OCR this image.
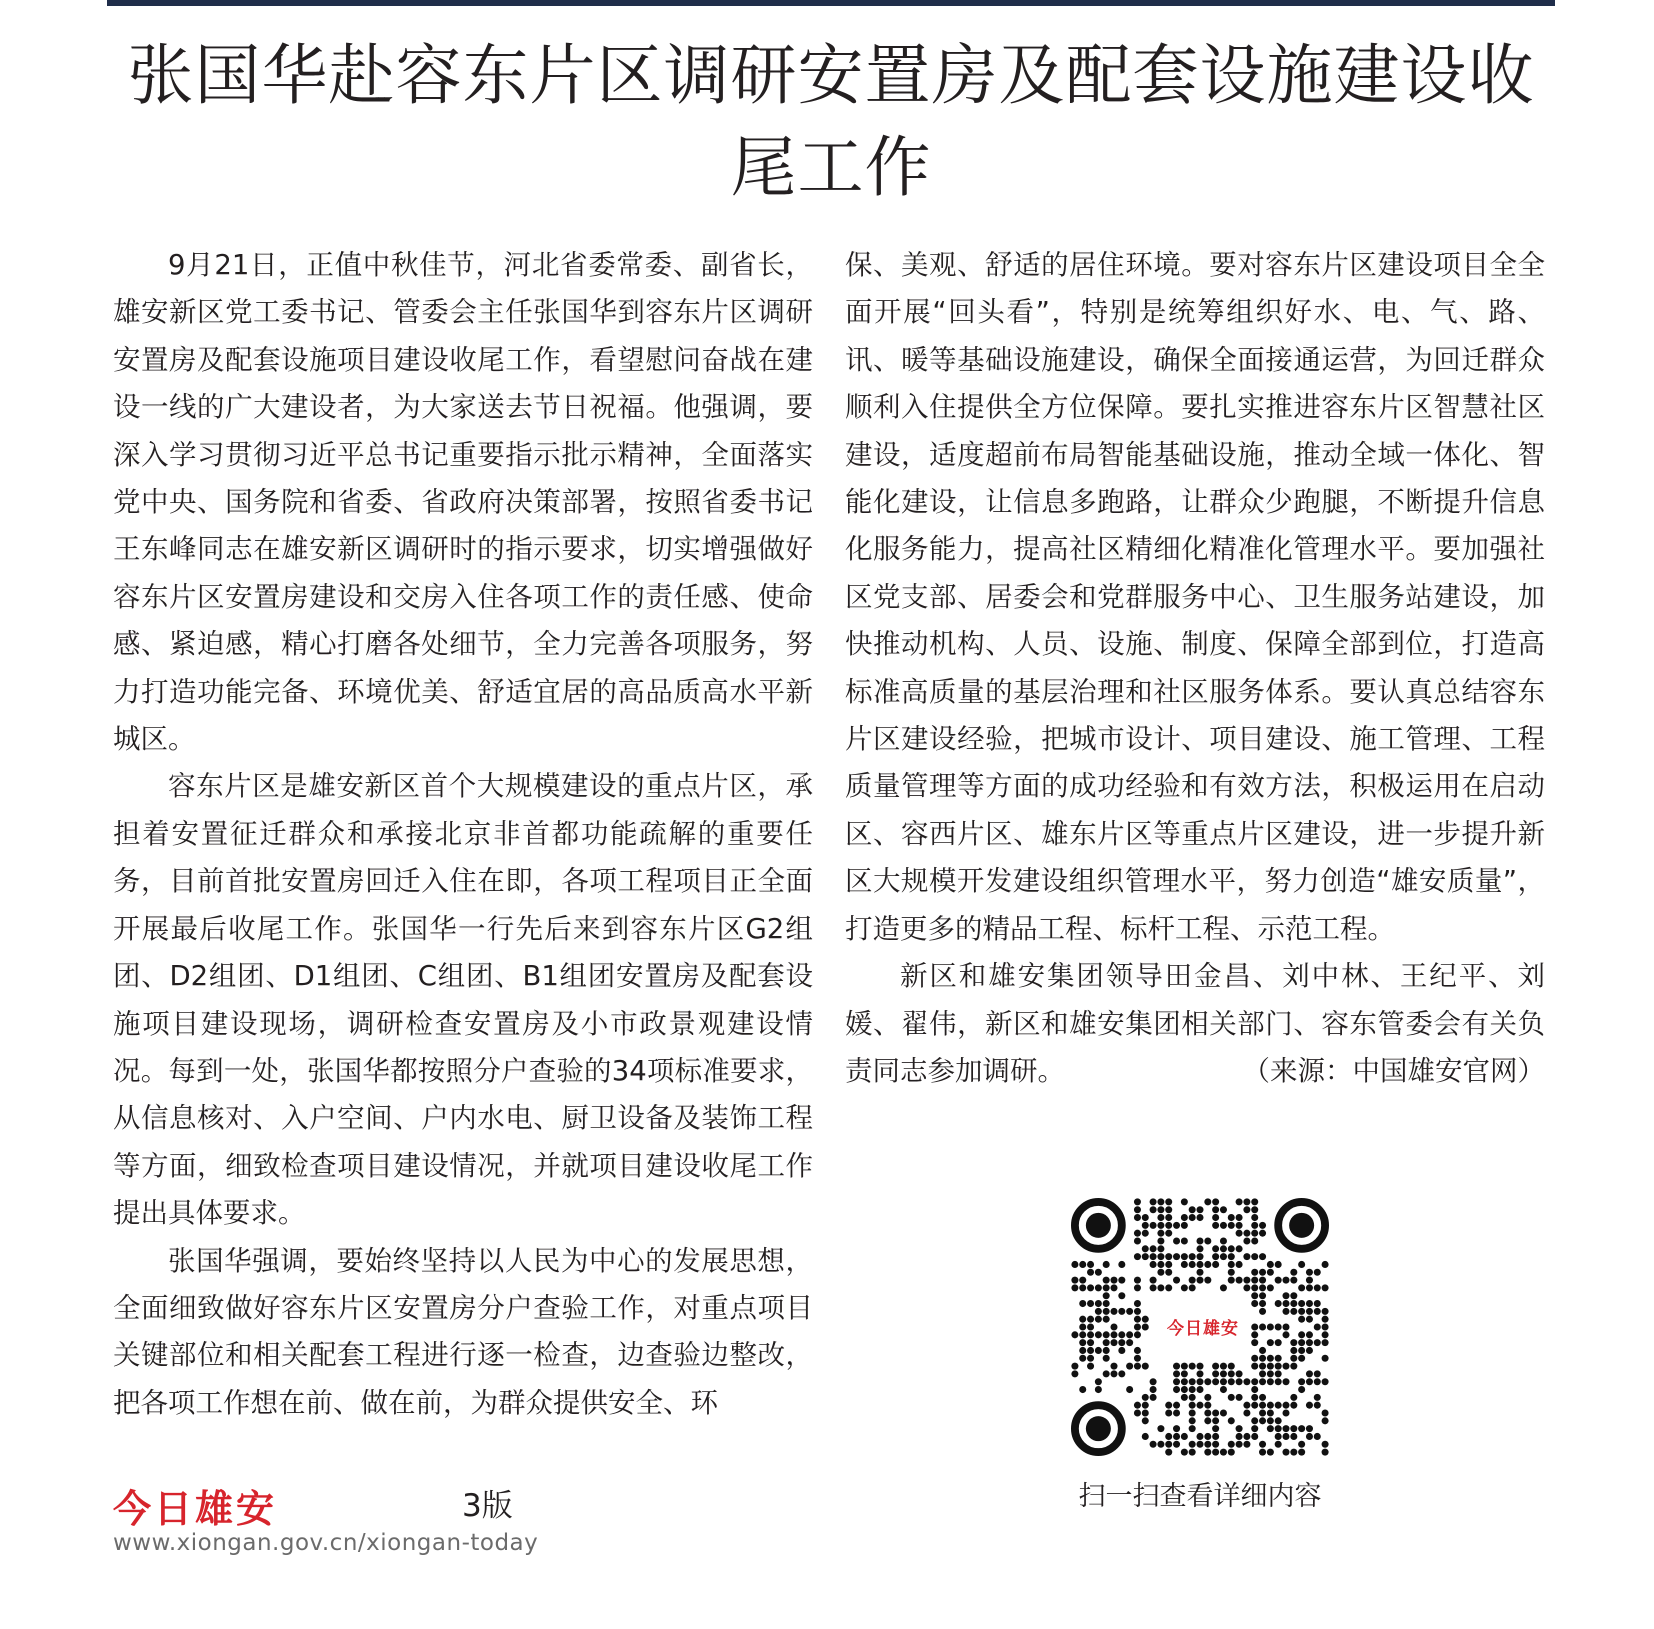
张国华赴容东片区调研安置房及配套设施建设收尾工作

9月21日，正值中秋佳节，河北省委常委、副省长，雄安新区党工委书记、管委会主任张国华到容东片区调研安置房及配套设施项目建设收尾工作，看望慰问奋战在建设一线的广大建设者，为大家送去节日祝福。他强调，要深入学习贯彻习近平总书记重要指示批示精神，全面落实党中央、国务院和省委、省政府决策部署，按照省委书记王东峰同志在雄安新区调研时的指示要求，切实增强做好容东片区安置房建设和交房入住各项工作的责任感、使命感、紧迫感，精心打磨各处细节，全力完善各项服务，努力打造功能完备、环境优美、舒适宜居的高品质高水平新城区。

容东片区是雄安新区首个大规模建设的重点片区，承担着安置征迁群众和承接北京非首都功能疏解的重要任务，目前首批安置房回迁入住在即，各项工程项目正全面开展最后收尾工作。张国华一行先后来到容东片区G2组团、D2组团、D1组团、C组团、B1组团安置房及配套设施项目建设现场，调研检查安置房及小市政景观建设情况。每到一处，张国华都按照分户查验的34项标准要求，从信息核对、入户空间、户内水电、厨卫设备及装饰工程等方面，细致检查项目建设情况，并就项目建设收尾工作提出具体要求。

张国华强调，要始终坚持以人民为中心的发展思想，全面细致做好容东片区安置房分户查验工作，对重点项目关键部位和相关配套工程进行逐一检查，边查验边整改，把各项工作想在前、做在前，为群众提供安全、环

保、美观、舒适的居住环境。要对容东片区建设项目全全面开展“回头看”，特别是统筹组织好水、电、气、路、讯、暖等基础设施建设，确保全面接通运营，为回迁群众顺利入住提供全方位保障。要扎实推进容东片区智慧社区建设，适度超前布局智能基础设施，推动全域一体化、智能化建设，让信息多跑路，让群众少跑腿，不断提升信息化服务能力，提高社区精细化精准化管理水平。要加强社区党支部、居委会和党群服务中心、卫生服务站建设，加快推动机构、人员、设施、制度、保障全部到位，打造高标准高质量的基层治理和社区服务体系。要认真总结容东片区建设经验，把城市设计、项目建设、施工管理、工程质量管理等方面的成功经验和有效方法，积极运用在启动区、容西片区、雄东片区等重点片区建设，进一步提升新区大规模开发建设组织管理水平，努力创造“雄安质量”，打造更多的精品工程、标杆工程、示范工程。

新区和雄安集团领导田金昌、刘中林、王纪平、刘媛、翟伟，新区和雄安集团相关部门、容东管委会有关负责同志参加调研。	（来源：中国雄安官网）

今日雄安
扫一扫查看详细内容
今日雄安	3版
www.xiongan.gov.cn/xiongan-today
